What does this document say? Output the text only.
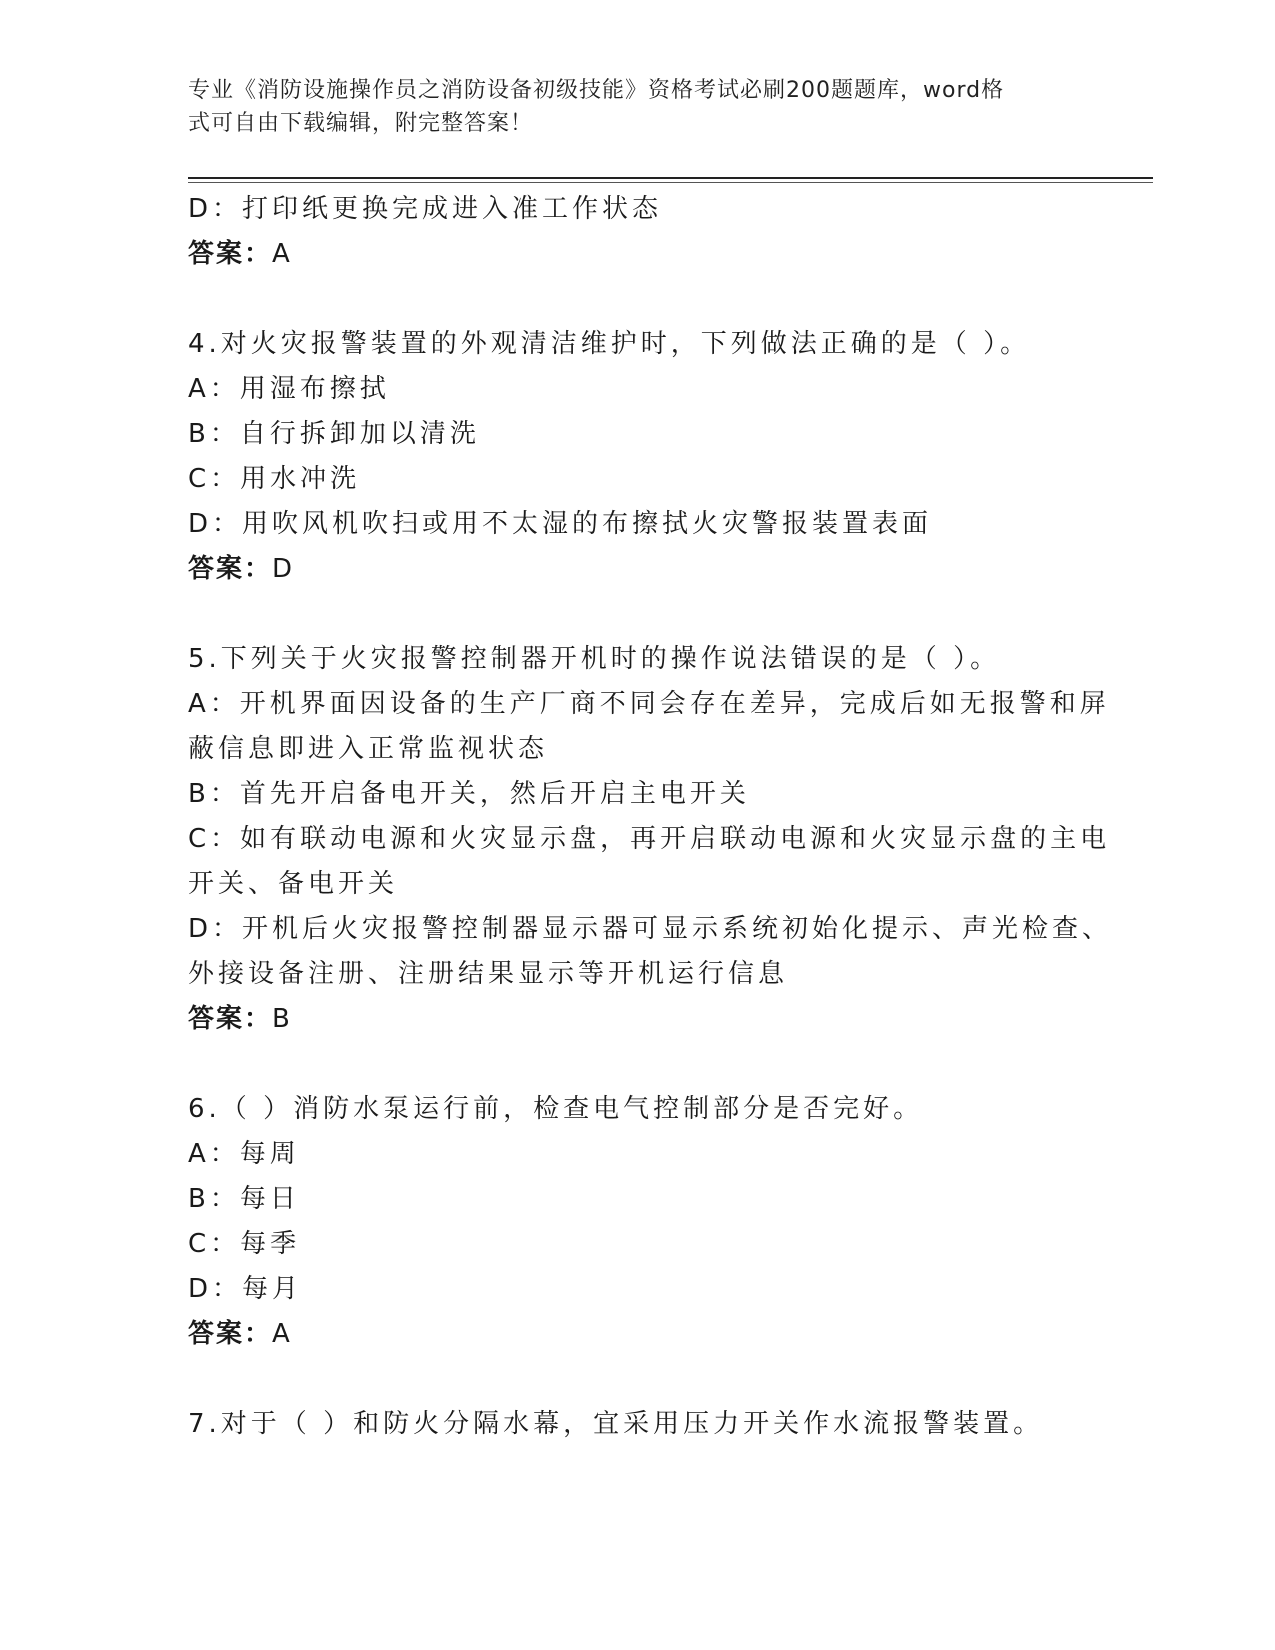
专业《消防设施操作员之消防设备初级技能》资格考试必刷200题题库，word格
式可自由下载编辑，附完整答案！
D：打印纸更换完成进入准工作状态
答案：A
4.对火灾报警装置的外观清洁维护时，下列做法正确的是（ ）。
A：用湿布擦拭
B：自行拆卸加以清洗
C：用水冲洗
D：用吹风机吹扫或用不太湿的布擦拭火灾警报装置表面
答案：D
5.下列关于火灾报警控制器开机时的操作说法错误的是（ ）。
A：开机界面因设备的生产厂商不同会存在差异，完成后如无报警和屏
蔽信息即进入正常监视状态
B：首先开启备电开关，然后开启主电开关
C：如有联动电源和火灾显示盘，再开启联动电源和火灾显示盘的主电
开关、备电开关
D：开机后火灾报警控制器显示器可显示系统初始化提示、声光检查、
外接设备注册、注册结果显示等开机运行信息
答案：B
6.（ ）消防水泵运行前，检查电气控制部分是否完好。
A：每周
B：每日
C：每季
D：每月
答案：A
7.对于（ ）和防火分隔水幕，宜采用压力开关作水流报警装置。
